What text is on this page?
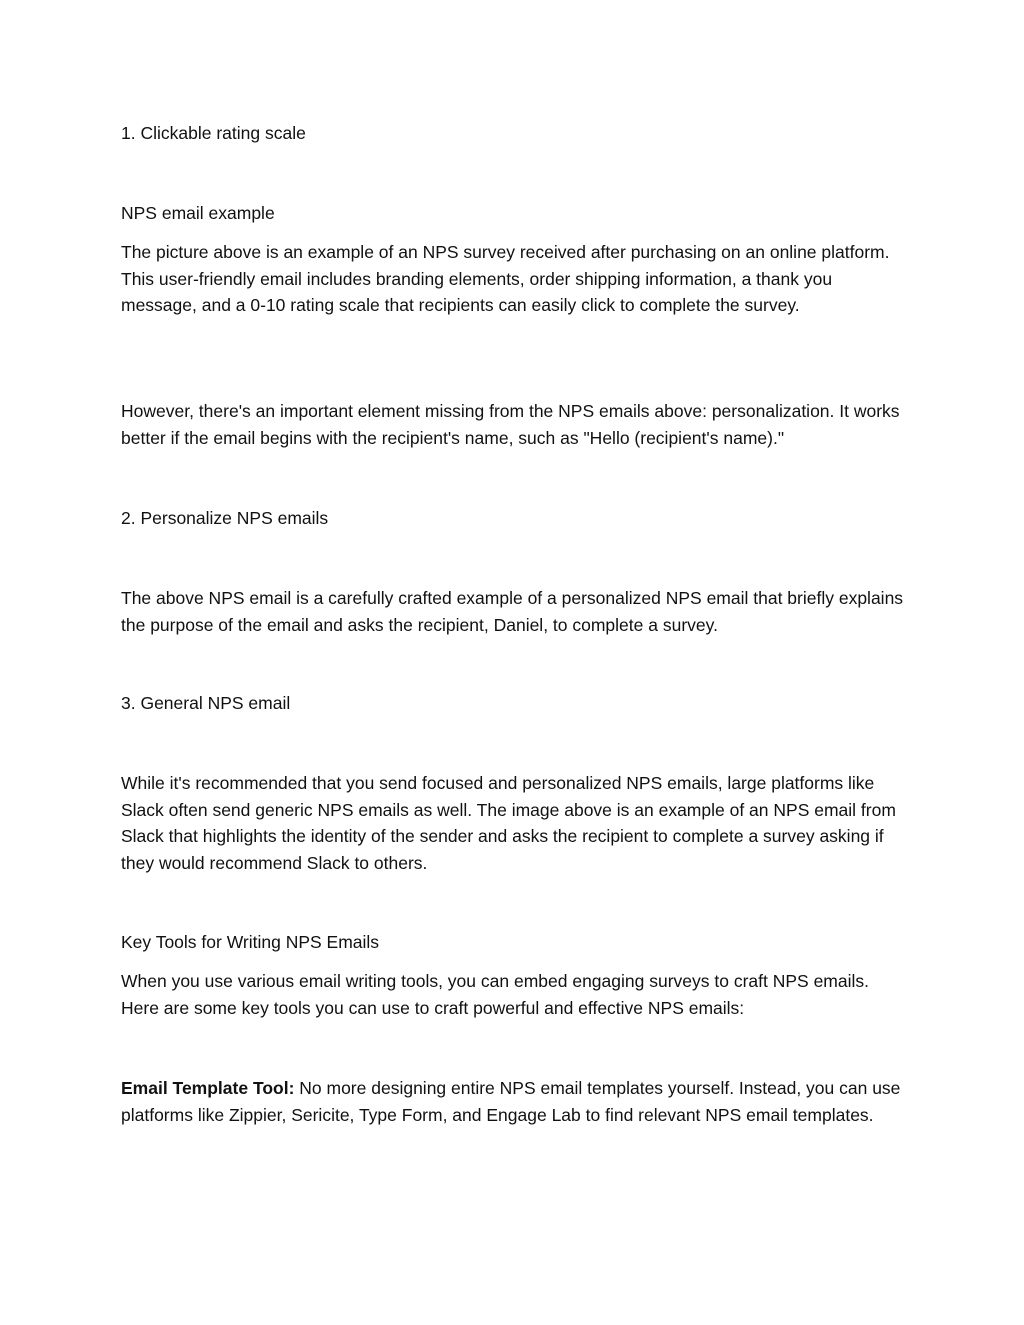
1. Clickable rating scale

NPS email example

The picture above is an example of an NPS survey received after purchasing on an online platform. This user-friendly email includes branding elements, order shipping information, a thank you message, and a 0-10 rating scale that recipients can easily click to complete the survey.

However, there's an important element missing from the NPS emails above: personalization. It works better if the email begins with the recipient's name, such as "Hello (recipient's name)."

2. Personalize NPS emails

The above NPS email is a carefully crafted example of a personalized NPS email that briefly explains the purpose of the email and asks the recipient, Daniel, to complete a survey.

3. General NPS email

While it's recommended that you send focused and personalized NPS emails, large platforms like Slack often send generic NPS emails as well. The image above is an example of an NPS email from Slack that highlights the identity of the sender and asks the recipient to complete a survey asking if they would recommend Slack to others.

Key Tools for Writing NPS Emails

When you use various email writing tools, you can embed engaging surveys to craft NPS emails. Here are some key tools you can use to craft powerful and effective NPS emails:

Email Template Tool: No more designing entire NPS email templates yourself. Instead, you can use platforms like Zippier, Sericite, Type Form, and Engage Lab to find relevant NPS email templates.
